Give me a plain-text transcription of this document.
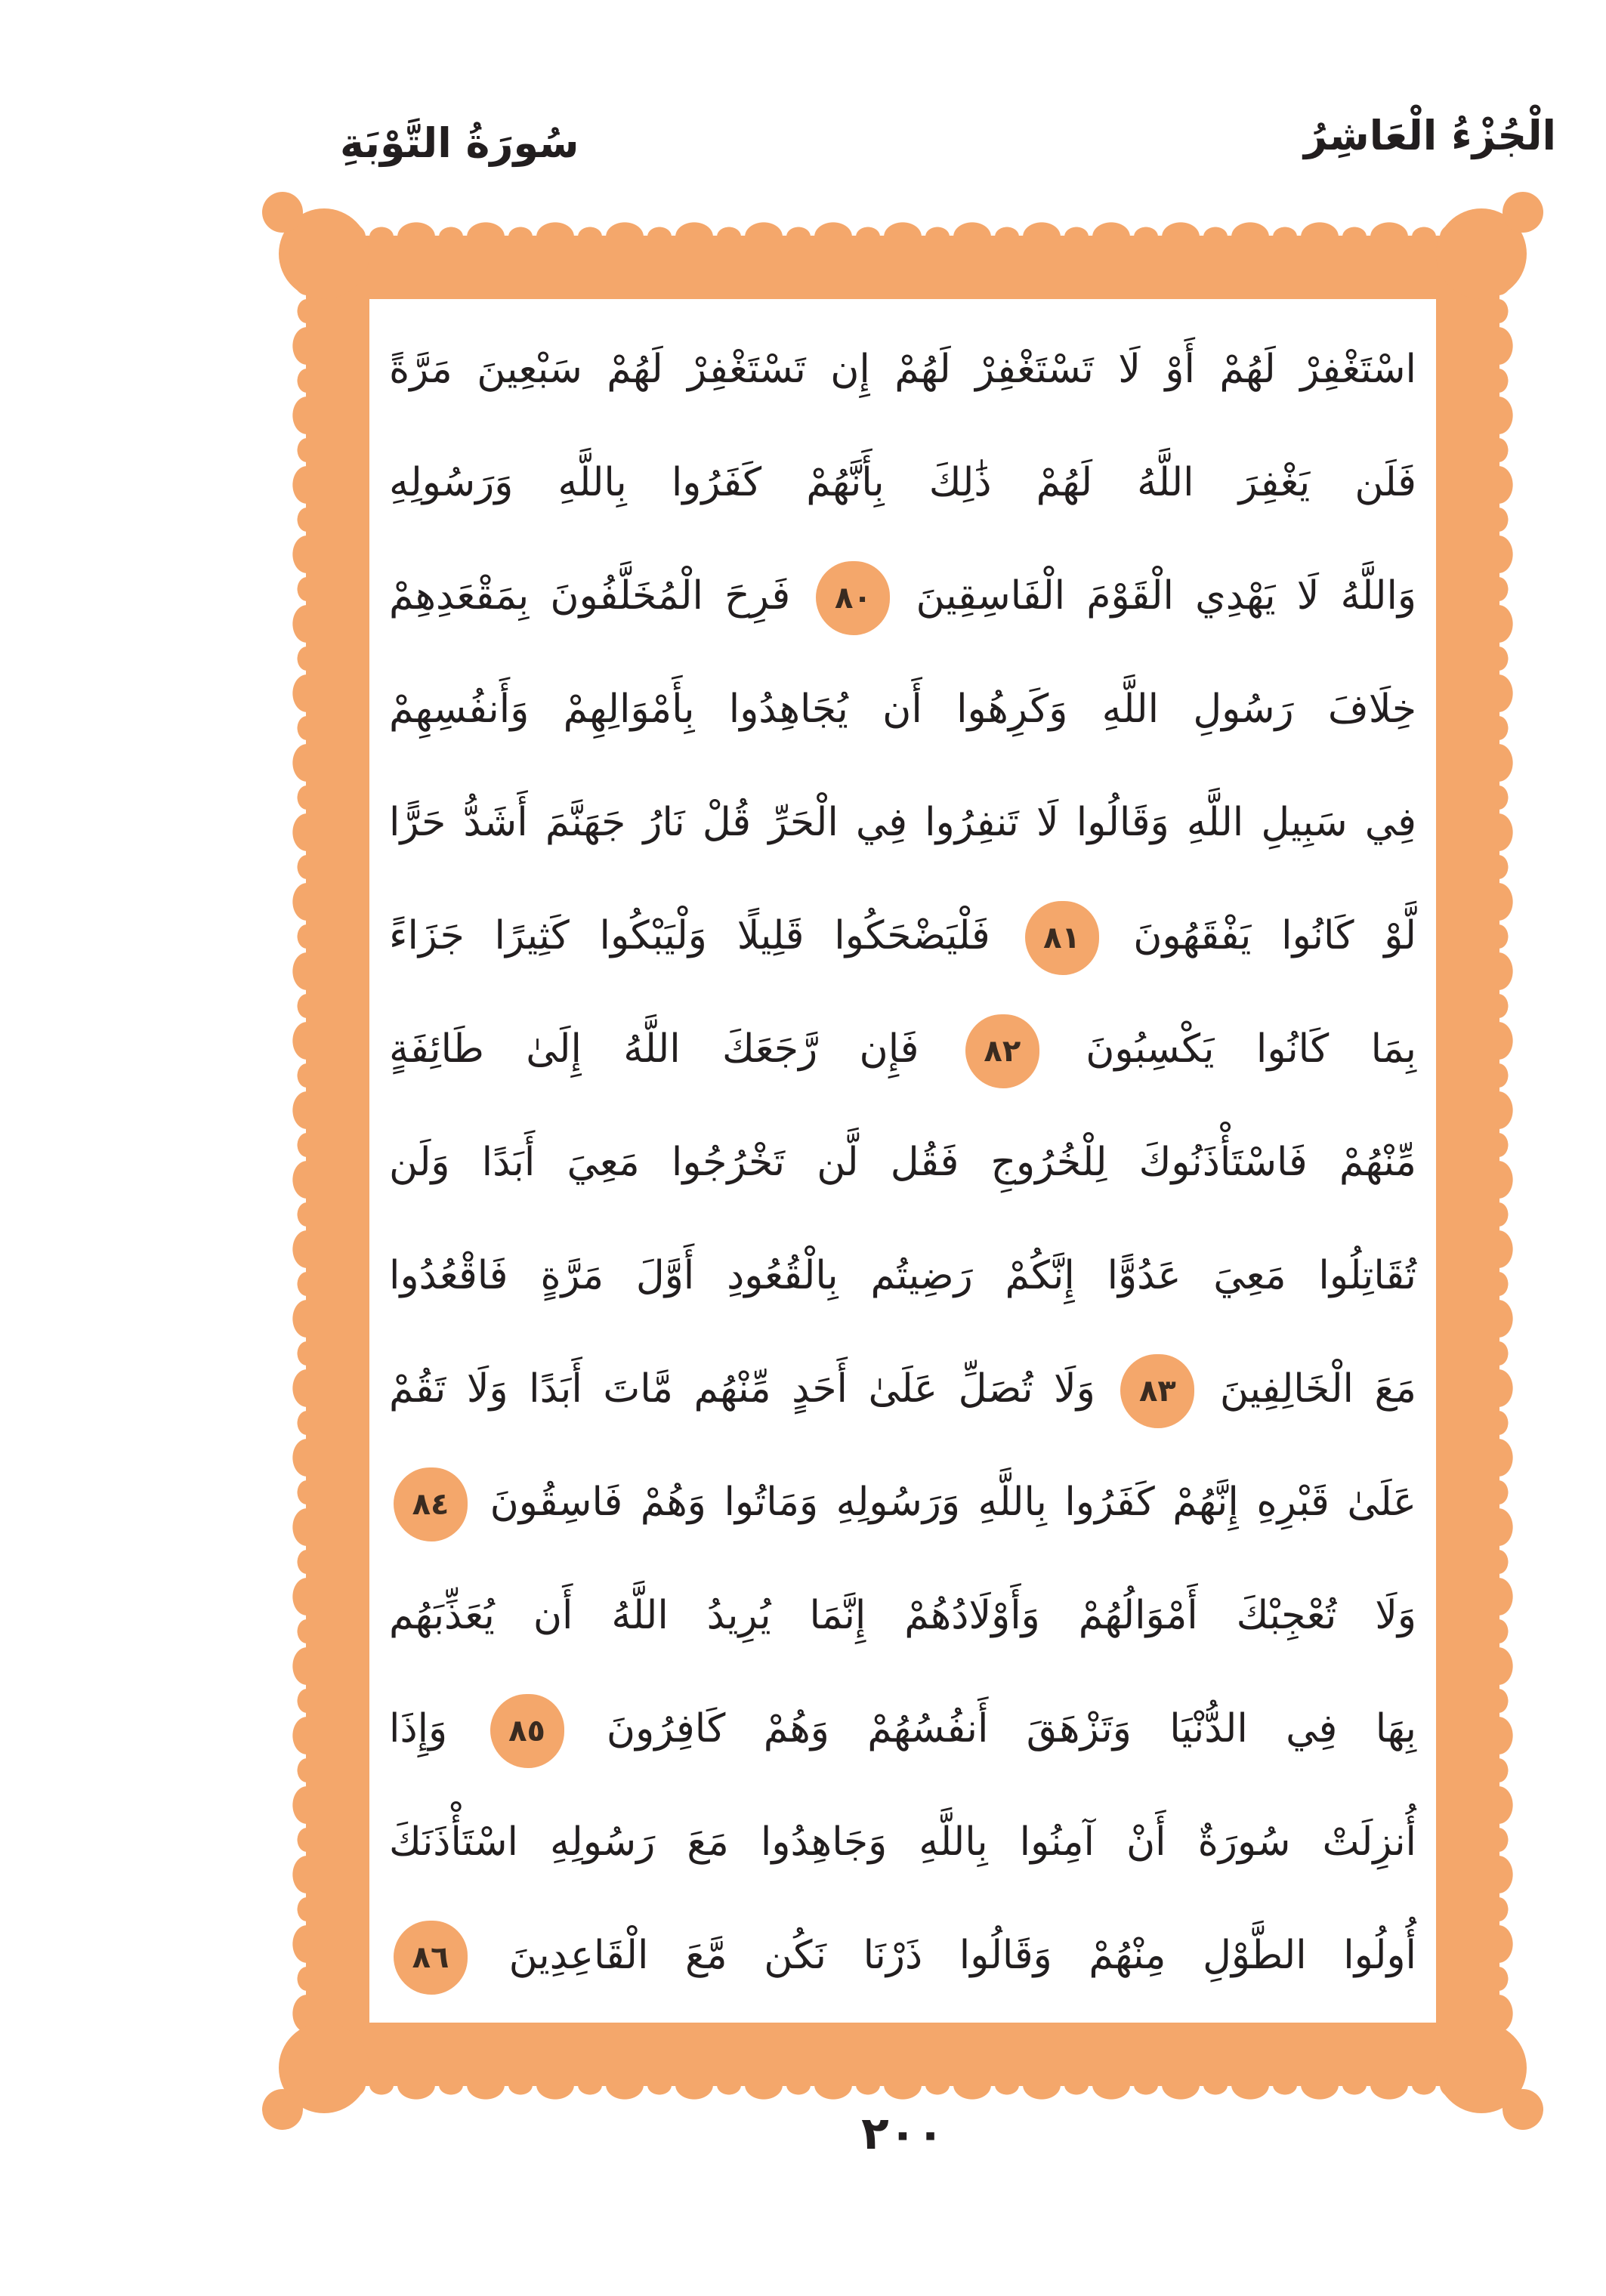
الْجُزْءُ الْعَاشِرُ
سُورَةُ التَّوْبَةِ
اسْتَغْفِرْ لَهُمْ أَوْ لَا تَسْتَغْفِرْ لَهُمْ إِن تَسْتَغْفِرْ لَهُمْ سَبْعِينَ مَرَّةً
فَلَن يَغْفِرَ اللَّهُ لَهُمْ ذَٰلِكَ بِأَنَّهُمْ كَفَرُوا بِاللَّهِ وَرَسُولِهِ
وَاللَّهُ لَا يَهْدِي الْقَوْمَ الْفَاسِقِينَ
٨٠
فَرِحَ الْمُخَلَّفُونَ بِمَقْعَدِهِمْ
خِلَافَ رَسُولِ اللَّهِ وَكَرِهُوا أَن يُجَاهِدُوا بِأَمْوَالِهِمْ وَأَنفُسِهِمْ
فِي سَبِيلِ اللَّهِ وَقَالُوا لَا تَنفِرُوا فِي الْحَرِّ قُلْ نَارُ جَهَنَّمَ أَشَدُّ حَرًّا
لَّوْ كَانُوا يَفْقَهُونَ
٨١
فَلْيَضْحَكُوا قَلِيلًا وَلْيَبْكُوا كَثِيرًا جَزَاءً
بِمَا كَانُوا يَكْسِبُونَ
٨٢
فَإِن رَّجَعَكَ اللَّهُ إِلَىٰ طَائِفَةٍ
مِّنْهُمْ فَاسْتَأْذَنُوكَ لِلْخُرُوجِ فَقُل لَّن تَخْرُجُوا مَعِيَ أَبَدًا وَلَن
تُقَاتِلُوا مَعِيَ عَدُوًّا إِنَّكُمْ رَضِيتُم بِالْقُعُودِ أَوَّلَ مَرَّةٍ فَاقْعُدُوا
مَعَ الْخَالِفِينَ
٨٣
وَلَا تُصَلِّ عَلَىٰ أَحَدٍ مِّنْهُم مَّاتَ أَبَدًا وَلَا تَقُمْ
عَلَىٰ قَبْرِهِ إِنَّهُمْ كَفَرُوا بِاللَّهِ وَرَسُولِهِ وَمَاتُوا وَهُمْ فَاسِقُونَ
٨٤
وَلَا تُعْجِبْكَ أَمْوَالُهُمْ وَأَوْلَادُهُمْ إِنَّمَا يُرِيدُ اللَّهُ أَن يُعَذِّبَهُم
بِهَا فِي الدُّنْيَا وَتَزْهَقَ أَنفُسُهُمْ وَهُمْ كَافِرُونَ
٨٥
وَإِذَا
أُنزِلَتْ سُورَةٌ أَنْ آمِنُوا بِاللَّهِ وَجَاهِدُوا مَعَ رَسُولِهِ اسْتَأْذَنَكَ
أُولُوا الطَّوْلِ مِنْهُمْ وَقَالُوا ذَرْنَا نَكُن مَّعَ الْقَاعِدِينَ
٨٦
٢٠٠
